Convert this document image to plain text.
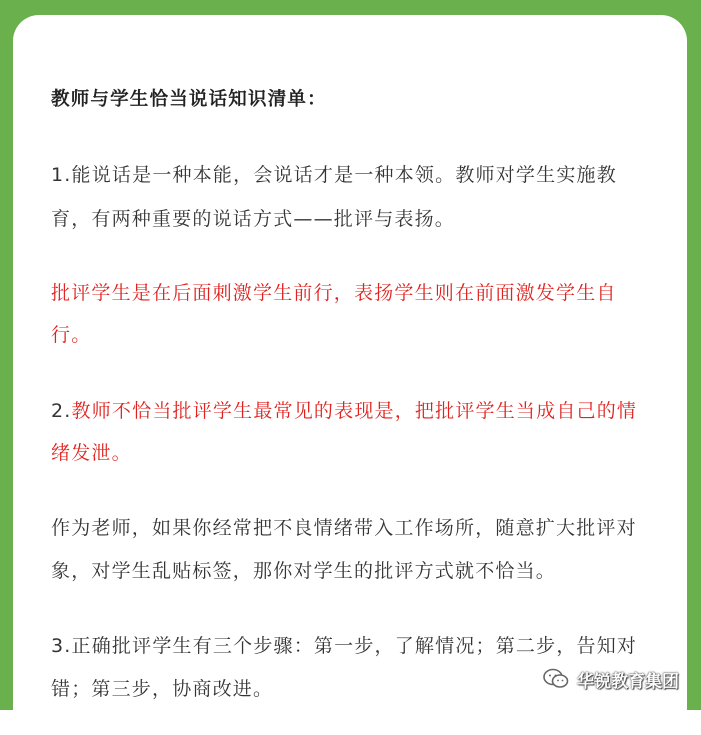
教师与学生恰当说话知识清单：
1.能说话是一种本能，会说话才是一种本领。教师对学生实施教
育，有两种重要的说话方式——批评与表扬。
批评学生是在后面刺激学生前行，表扬学生则在前面激发学生自
行。
2.教师不恰当批评学生最常见的表现是，把批评学生当成自己的情
绪发泄。
作为老师，如果你经常把不良情绪带入工作场所，随意扩大批评对
象，对学生乱贴标签，那你对学生的批评方式就不恰当。
3.正确批评学生有三个步骤：第一步，了解情况；第二步，告知对
错；第三步，协商改进。	华锐教育集团
